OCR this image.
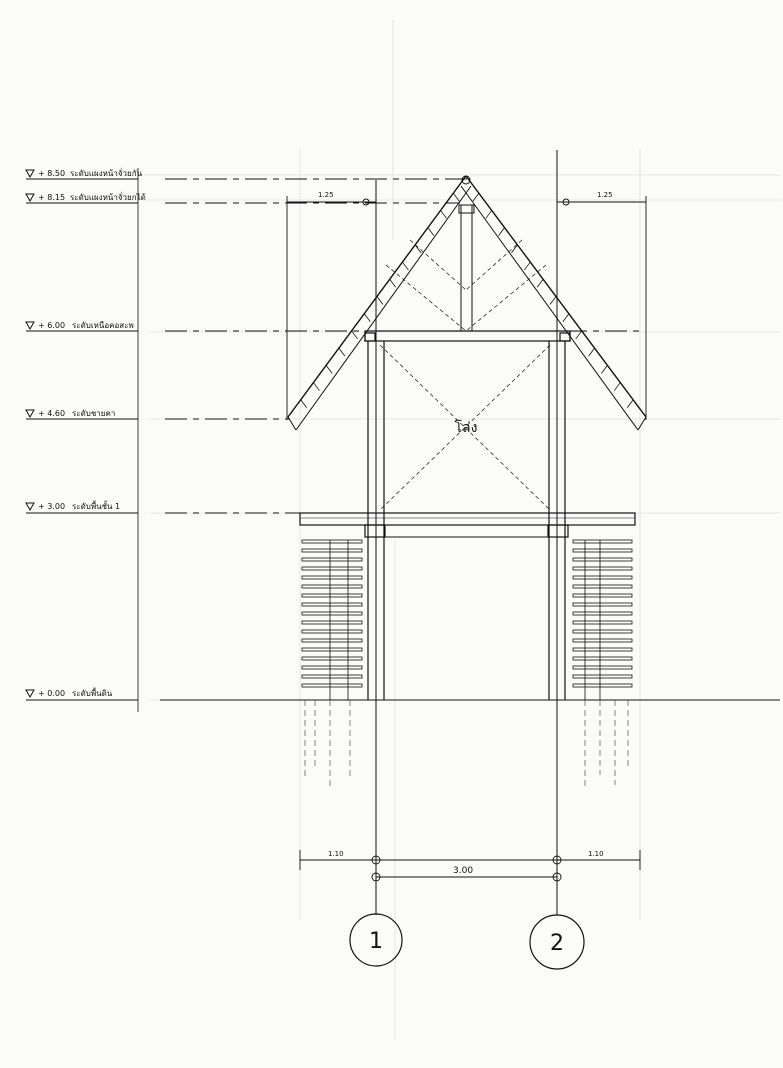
+ 8.50 ระดับแผงหน้าจั่วยกัน
+ 8.15 ระดับแผงหน้าจั่วยกได้
+ 6.00 ระดับเหนือคอสะพ
+ 4.60 ระดับชายคา
+ 3.00 ระดับพื้นชั้น 1
+ 0.00 ระดับพื้นดิน
1.25	1.25
1.10
3.00
1.10
1	2
โล่ง
